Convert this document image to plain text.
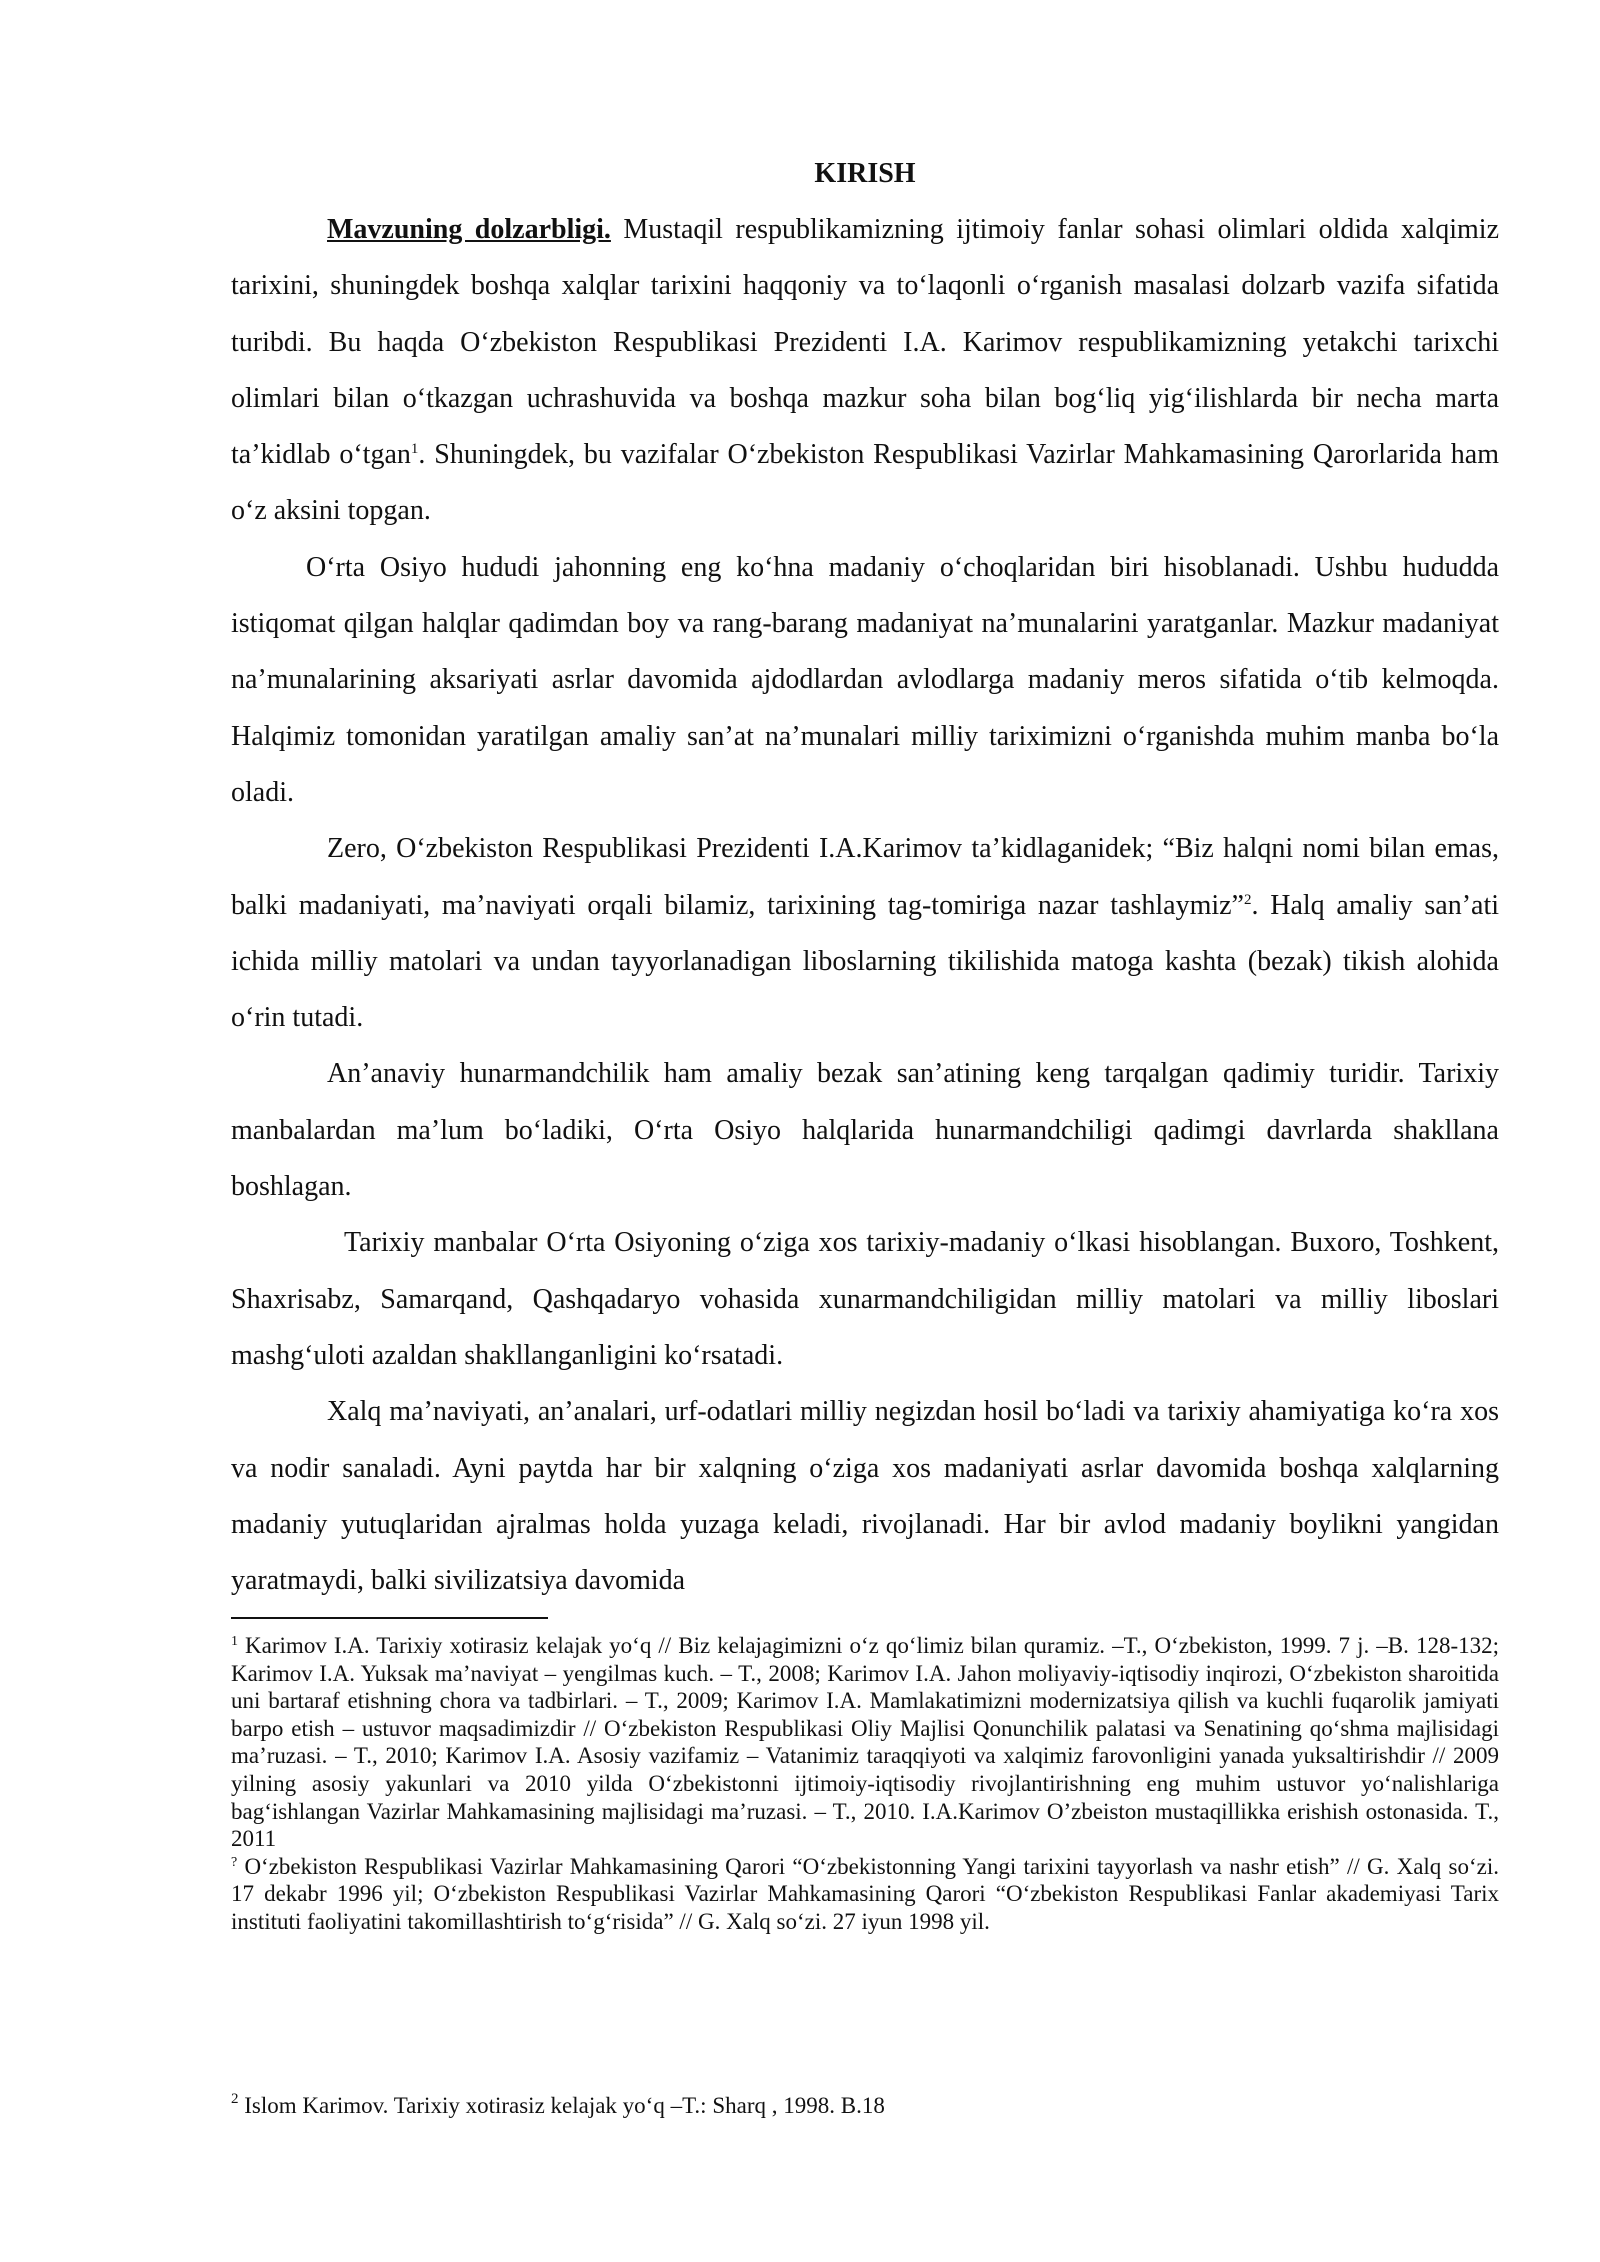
KIRISH

Mavzuning dolzarbligi. Mustaqil respublikamizning ijtimoiy fanlar sohasi olimlari oldida xalqimiz tarixini, shuningdek boshqa xalqlar tarixini haqqoniy va to‘laqonli o‘rganish masalasi dolzarb vazifa sifatida turibdi. Bu haqda O‘zbekiston Respublikasi Prezidenti I.A. Karimov respublikamizning yetakchi tarixchi olimlari bilan o‘tkazgan uchrashuvida va boshqa mazkur soha bilan bog‘liq yig‘ilishlarda bir necha marta ta’kidlab o‘tgan$^1$. Shuningdek, bu vazifalar O‘zbekiston Respublikasi Vazirlar Mahkamasining Qarorlarida ham o‘z aksini topgan.

O‘rta Osiyo hududi jahonning eng ko‘hna madaniy o‘choqlaridan biri hisoblanadi. Ushbu hududda istiqomat qilgan halqlar qadimdan boy va rang-barang madaniyat na’munalarini yaratganlar. Mazkur madaniyat na’munalarining aksariyati asrlar davomida ajdodlardan avlodlarga madaniy meros sifatida o‘tib kelmoqda. Halqimiz tomonidan yaratilgan amaliy san’at na’munalari milliy tariximizni o‘rganishda muhim manba bo‘la oladi.

Zero, O‘zbekiston Respublikasi Prezidenti I.A.Karimov ta’kidlaganidek; “Biz halqni nomi bilan emas, balki madaniyati, ma’naviyati orqali bilamiz, tarixining tag-tomiriga nazar tashlaymiz”$^2$. Halq amaliy san’ati ichida milliy matolari va undan tayyorlanadigan liboslarning tikilishida matoga kashta (bezak) tikish alohida o‘rin tutadi.

An’anaviy hunarmandchilik ham amaliy bezak san’atining keng tarqalgan qadimiy turidir. Tarixiy manbalardan ma’lum bo‘ladiki, O‘rta Osiyo halqlarida hunarmandchiligi qadimgi davrlarda shakllana boshlagan.

Tarixiy manbalar O‘rta Osiyoning o‘ziga xos tarixiy-madaniy o‘lkasi hisoblangan. Buxoro, Toshkent, Shaxrisabz, Samarqand, Qashqadaryo vohasida xunarmandchiligidan milliy matolari va milliy liboslari mashg‘uloti azaldan shakllanganligini ko‘rsatadi.

Xalq ma’naviyati, an’analari, urf-odatlari milliy negizdan hosil bo‘ladi va tarixiy ahamiyatiga ko‘ra xos va nodir sanaladi. Ayni paytda har bir xalqning o‘ziga xos madaniyati asrlar davomida boshqa xalqlarning madaniy yutuqlaridan ajralmas holda yuzaga keladi, rivojlanadi. Har bir avlod madaniy boylikni yangidan yaratmaydi, balki sivilizatsiya davomida

$^1$ Karimov I.A. Tarixiy xotirasiz kelajak yo‘q // Biz kelajagimizni o‘z qo‘limiz bilan quramiz. –T., O‘zbekiston, 1999. 7 j. –B. 128-132; Karimov I.A. Yuksak ma’naviyat – yengilmas kuch. – T., 2008; Karimov I.A. Jahon moliyaviy-iqtisodiy inqirozi, O‘zbekiston sharoitida uni bartaraf etishning chora va tadbirlari. – T., 2009; Karimov I.A. Mamlakatimizni modernizatsiya qilish va kuchli fuqarolik jamiyati barpo etish – ustuvor maqsadimizdir // O‘zbekiston Respublikasi Oliy Majlisi Qonunchilik palatasi va Senatining qo‘shma majlisidagi ma’ruzasi. – T., 2010; Karimov I.A. Asosiy vazifamiz – Vatanimiz taraqqiyoti va xalqimiz farovonligini yanada yuksaltirishdir // 2009 yilning asosiy yakunlari va 2010 yilda O‘zbekistonni ijtimoiy-iqtisodiy rivojlantirishning eng muhim ustuvor yo‘nalishlariga bag‘ishlangan Vazirlar Mahkamasining majlisidagi ma’ruzasi. – T., 2010. I.A.Karimov O’zbeiston mustaqillikka erishish ostonasida. T., 2011

? O‘zbekiston Respublikasi Vazirlar Mahkamasining Qarori “O‘zbekistonning Yangi tarixini tayyorlash va nashr etish” // G. Xalq so‘zi. 17 dekabr 1996 yil; O‘zbekiston Respublikasi Vazirlar Mahkamasining Qarori “O‘zbekiston Respublikasi Fanlar akademiyasi Tarix instituti faoliyatini takomillashtirish to‘g‘risida” // G. Xalq so‘zi. 27 iyun 1998 yil.

$^2$ Islom Karimov. Tarixiy xotirasiz kelajak yo‘q –T.: Sharq , 1998. B.18
